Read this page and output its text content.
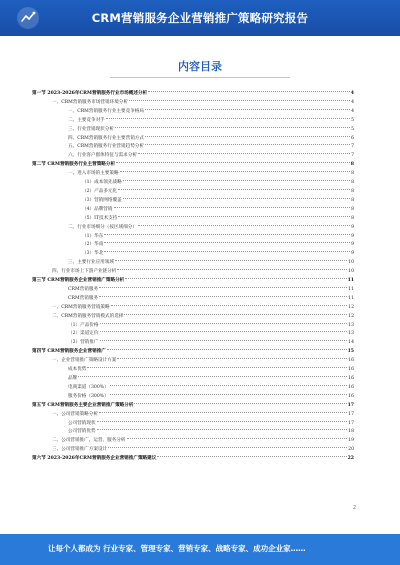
CRM营销服务企业营销推广策略研究报告
内容目录
第一节 2023-2026年CRM营销服务行业市场概述分析	4
一、CRM营销服务市场营销环境分析	4
一、CRM营销服务行业主要竞争格局	4
二、主要竞争对手	5
三、行业营销现状分析	5
四、CRM营销服务行业主要营销方式	6
五、CRM营销服务行业营销趋势分析	7
六、行业客户群体特征与需求分析	7
第二节 CRM营销服务行业主营策略分析	8
一、进入市场的主要策略	8
（1）成本领先战略	8
（2）产品多元化	8
（3）营销网络覆盖	8
（4）品牌营销	8
（5）IT技术支持	8
二、行业市场细分（按区域细分）	9
（1）华东	9
（2）华南	9
（3）华北	9
三、主要行业应用领域	10
四、行业市场上下游产业链分析	10
第三节 CRM营销服务企业营销推广策略分析	11
CRM营销服务	11
CRM营销服务	11
一、CRM营销服务营销策略	12
二、CRM营销服务营销模式的选择	12
（1）产品价格	13
（2）渠道定价	13
（3）营销推广	14
第四节 CRM营销服务企业营销推广	15
一、企业营销推广策略设计方案	16
成本优势	16
品牌	16
电商渠道（300%）	16
服务价格（300%）	16
第五节 CRM营销服务主要企业营销推广策略分析	17
一、公司营销策略分析	17
公司营销现状	17
公司营销优势	18
二、公司营销推广、运营、服务分析	19
三、公司营销推广方案设计	20
第六节 2023-2026年CRM营销服务企业营销推广策略建议	22
2
让每个人都成为 行业专家、管理专家、营销专家、战略专家、成功企业家……
